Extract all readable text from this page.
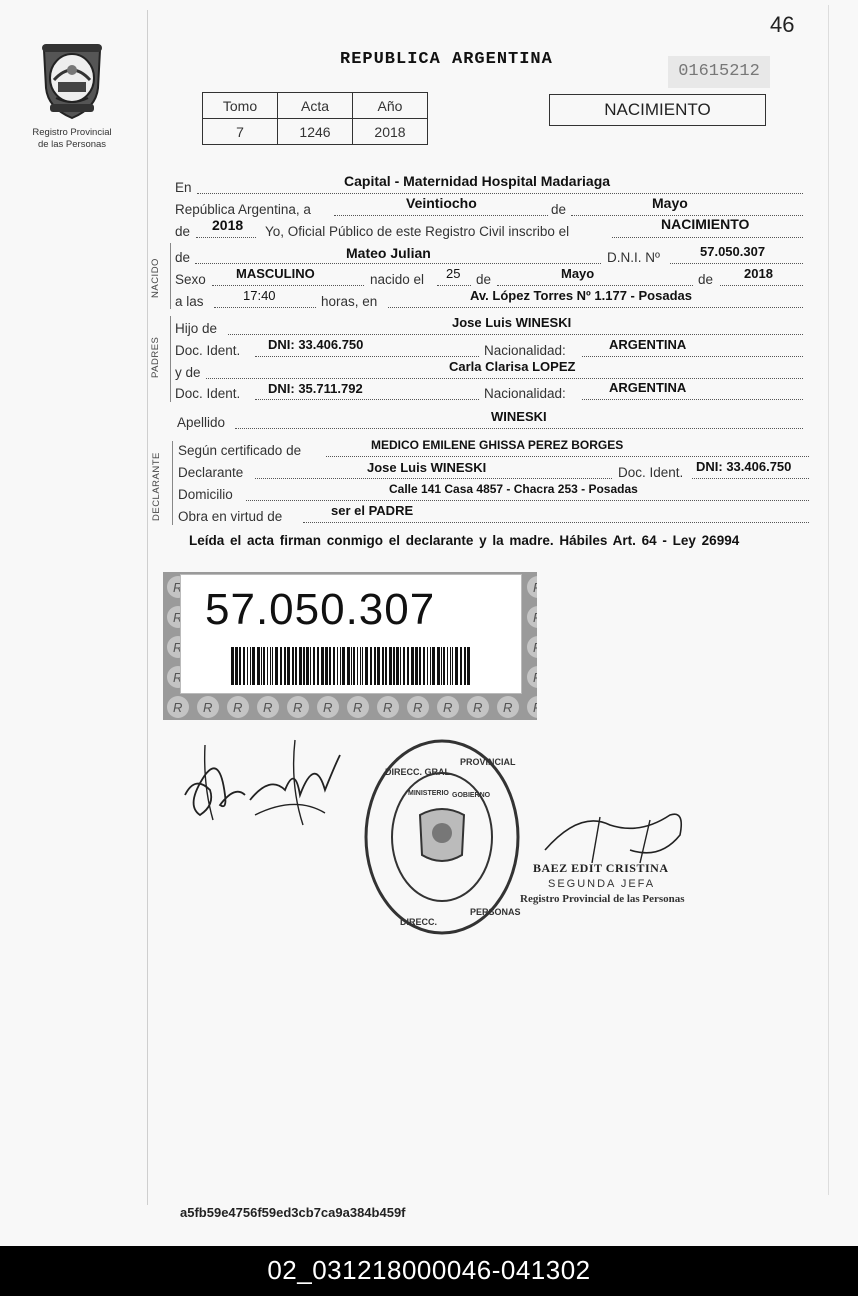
Registro Provincial
de las Personas
46
REPUBLICA ARGENTINA
01615212
Tomo	Acta	Año
7	1246	2018
NACIMIENTO
En	Capital - Maternidad Hospital Madariaga
República Argentina, a	Veintiocho	de	Mayo
de 2018 Yo, Oficial Público de este Registro Civil inscribo el	NACIMIENTO
NACIDO
de	Mateo Julian	D.N.I. Nº	57.050.307
Sexo MASCULINO	nacido el 25 de	Mayo	de 2018
a las	17:40	horas, en	Av. López Torres Nº 1.177 - Posadas
PADRES
Hijo de	Jose Luis WINESKI
Doc. Ident. DNI: 33.406.750	Nacionalidad:	ARGENTINA
y de	Carla Clarisa LOPEZ
Doc. Ident. DNI: 35.711.792	Nacionalidad:	ARGENTINA
Apellido	WINESKI
DECLARANTE
Según certificado de	MEDICO EMILENE GHISSA PEREZ BORGES
Declarante	Jose Luis WINESKI	Doc. Ident. DNI: 33.406.750
Domicilio	Calle 141 Casa 4857 - Chacra 253 - Posadas
Obra en virtud de	ser el PADRE
Leída el acta firman conmigo el declarante y la madre. Hábiles Art. 64 - Ley 26994
57.050.307
DIRECC. GRAL
PROVINCIAL
DIRECC.
PERSONAS
MINISTERIO GOBIERNO
BAEZ EDIT CRISTINA
SEGUNDA JEFA
Registro Provincial de las Personas
a5fb59e4756f59ed3cb7ca9a384b459f
02_031218000046-041302
